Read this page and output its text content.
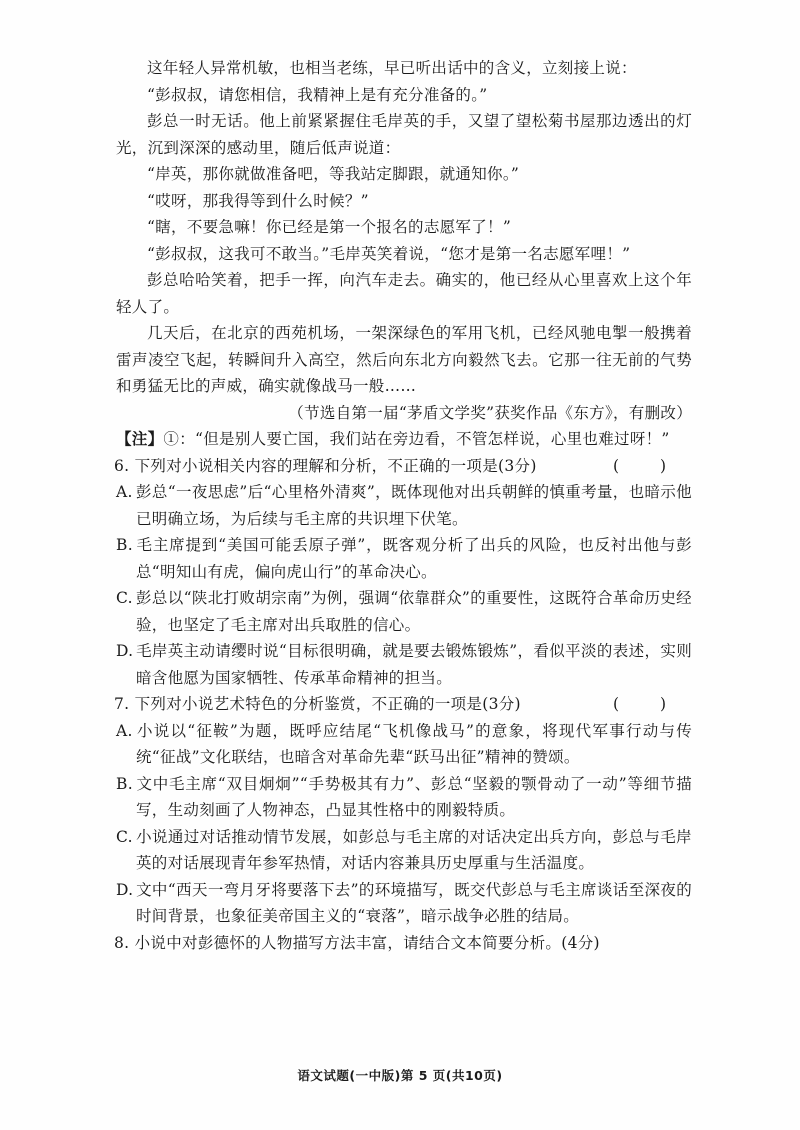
这年轻人异常机敏，也相当老练，早已听出话中的含义，立刻接上说：

“彭叔叔，请您相信，我精神上是有充分准备的。”

彭总一时无话。他上前紧紧握住毛岸英的手，又望了望松菊书屋那边透出的灯光，沉到深深的感动里，随后低声说道：

“岸英，那你就做准备吧，等我站定脚跟，就通知你。”

“哎呀，那我得等到什么时候？”

“瞎，不要急嘛！你已经是第一个报名的志愿军了！”

“彭叔叔，这我可不敢当。”毛岸英笑着说，“您才是第一名志愿军哩！”

彭总哈哈笑着，把手一挥，向汽车走去。确实的，他已经从心里喜欢上这个年轻人了。

几天后，在北京的西苑机场，一架深绿色的军用飞机，已经风驰电掣一般携着雷声凌空飞起，转瞬间升入高空，然后向东北方向毅然飞去。它那一往无前的气势和勇猛无比的声威，确实就像战马一般……

（节选自第一届“茅盾文学奖”获奖作品《东方》，有删改）

【注】①：“但是别人要亡国，我们站在旁边看，不管怎样说，心里也难过呀！”

6. 下列对小说相关内容的理解和分析，不正确的一项是(3分)	( )

A. 彭总“一夜思虑”后“心里格外清爽”，既体现他对出兵朝鲜的慎重考量，也暗示他已明确立场，为后续与毛主席的共识埋下伏笔。

B. 毛主席提到“美国可能丢原子弹”，既客观分析了出兵的风险，也反衬出他与彭总“明知山有虎，偏向虎山行”的革命决心。

C. 彭总以“陕北打败胡宗南”为例，强调“依靠群众”的重要性，这既符合革命历史经验，也坚定了毛主席对出兵取胜的信心。

D. 毛岸英主动请缨时说“目标很明确，就是要去锻炼锻炼”，看似平淡的表述，实则暗含他愿为国家牺牲、传承革命精神的担当。

7. 下列对小说艺术特色的分析鉴赏，不正确的一项是(3分)	( )

A. 小说以“征鞍”为题，既呼应结尾“飞机像战马”的意象，将现代军事行动与传统“征战”文化联结，也暗含对革命先辈“跃马出征”精神的赞颂。

B. 文中毛主席“双目炯炯”“手势极其有力”、彭总“坚毅的颚骨动了一动”等细节描写，生动刻画了人物神态，凸显其性格中的刚毅特质。

C. 小说通过对话推动情节发展，如彭总与毛主席的对话决定出兵方向，彭总与毛岸英的对话展现青年参军热情，对话内容兼具历史厚重与生活温度。

D. 文中“西天一弯月牙将要落下去”的环境描写，既交代彭总与毛主席谈话至深夜的时间背景，也象征美帝国主义的“衰落”，暗示战争必胜的结局。

8. 小说中对彭德怀的人物描写方法丰富，请结合文本简要分析。(4分)

语文试题(一中版)第 5 页(共10页)
